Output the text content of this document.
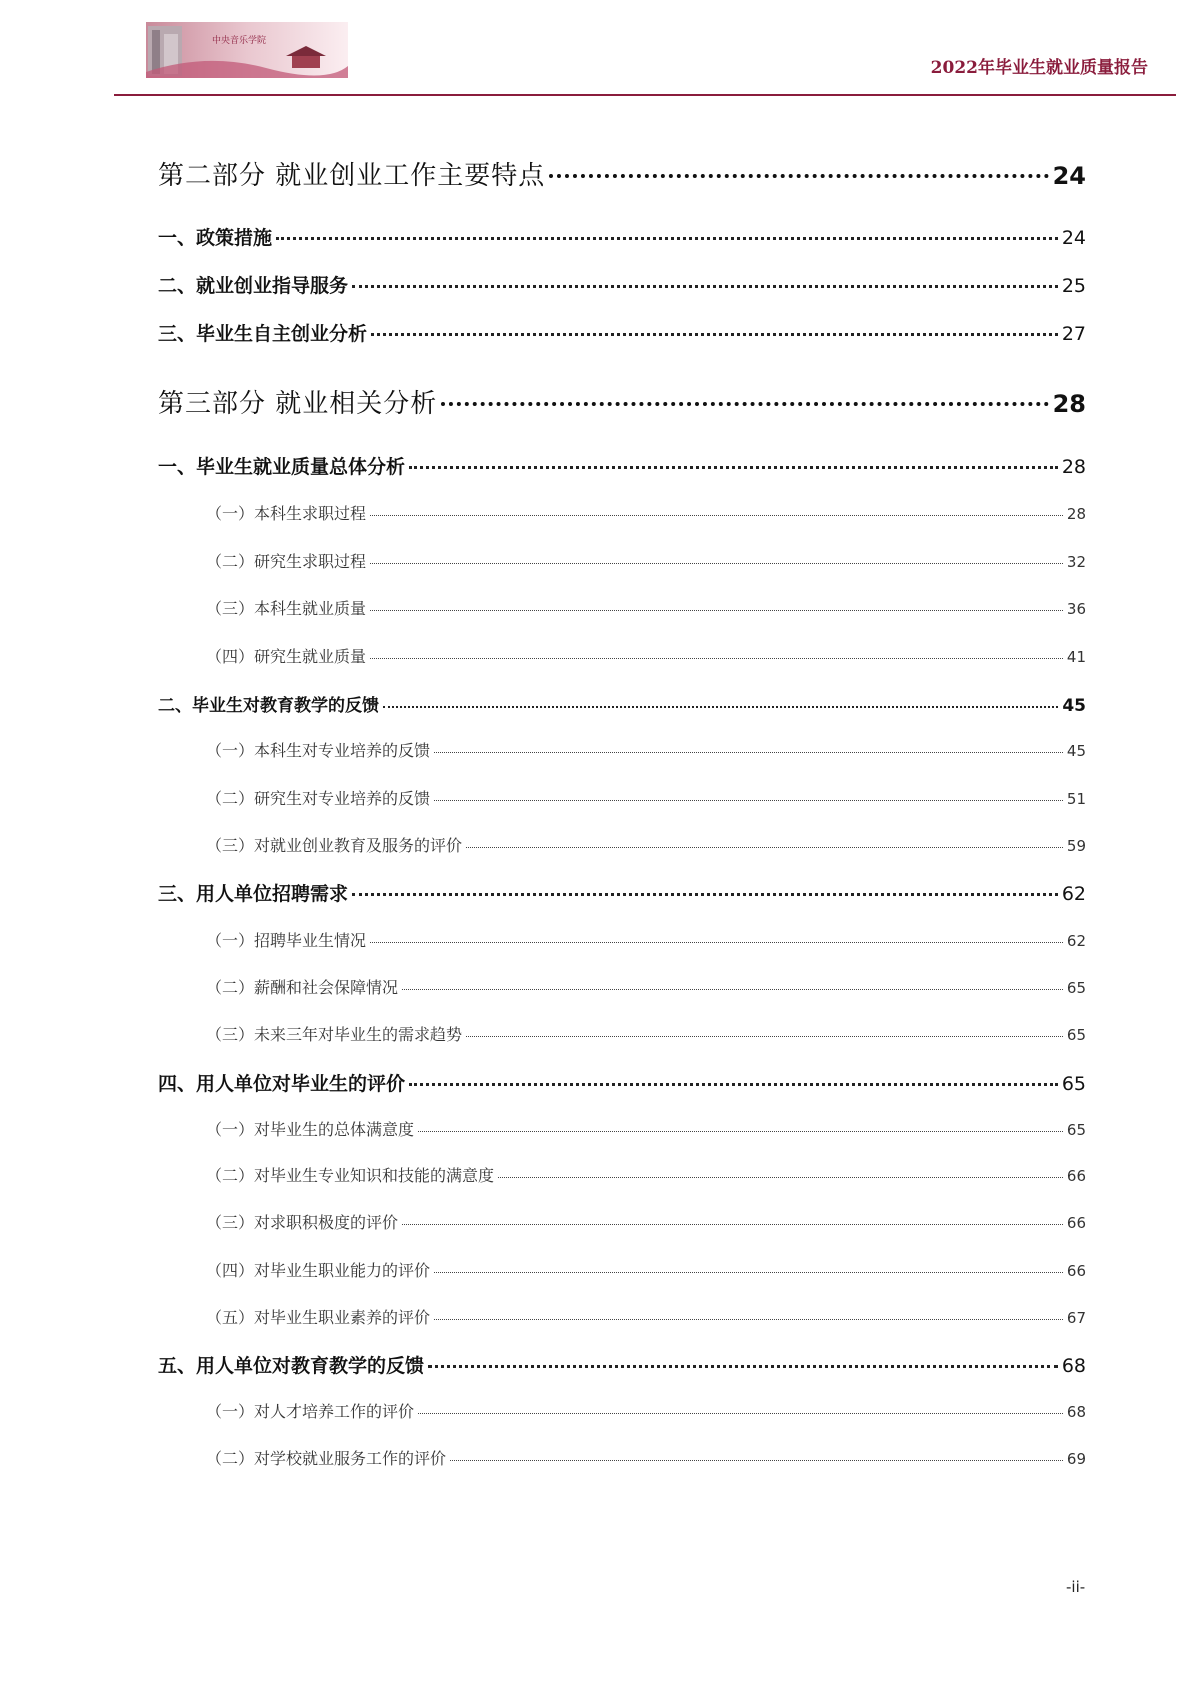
中央音乐学院
2022年毕业生就业质量报告
第二部分 就业创业工作主要特点	24
一、政策措施	24
二、就业创业指导服务	25
三、毕业生自主创业分析	27
第三部分 就业相关分析	28
一、毕业生就业质量总体分析	28
（一）本科生求职过程	28
（二）研究生求职过程	32
（三）本科生就业质量	36
（四）研究生就业质量	41
二、毕业生对教育教学的反馈	45
（一）本科生对专业培养的反馈	45
（二）研究生对专业培养的反馈	51
（三）对就业创业教育及服务的评价	59
三、用人单位招聘需求	62
（一）招聘毕业生情况	62
（二）薪酬和社会保障情况	65
（三）未来三年对毕业生的需求趋势	65
四、用人单位对毕业生的评价	65
（一）对毕业生的总体满意度	65
（二）对毕业生专业知识和技能的满意度	66
（三）对求职积极度的评价	66
（四）对毕业生职业能力的评价	66
（五）对毕业生职业素养的评价	67
五、用人单位对教育教学的反馈	68
（一）对人才培养工作的评价	68
（二）对学校就业服务工作的评价	69
-ii-
